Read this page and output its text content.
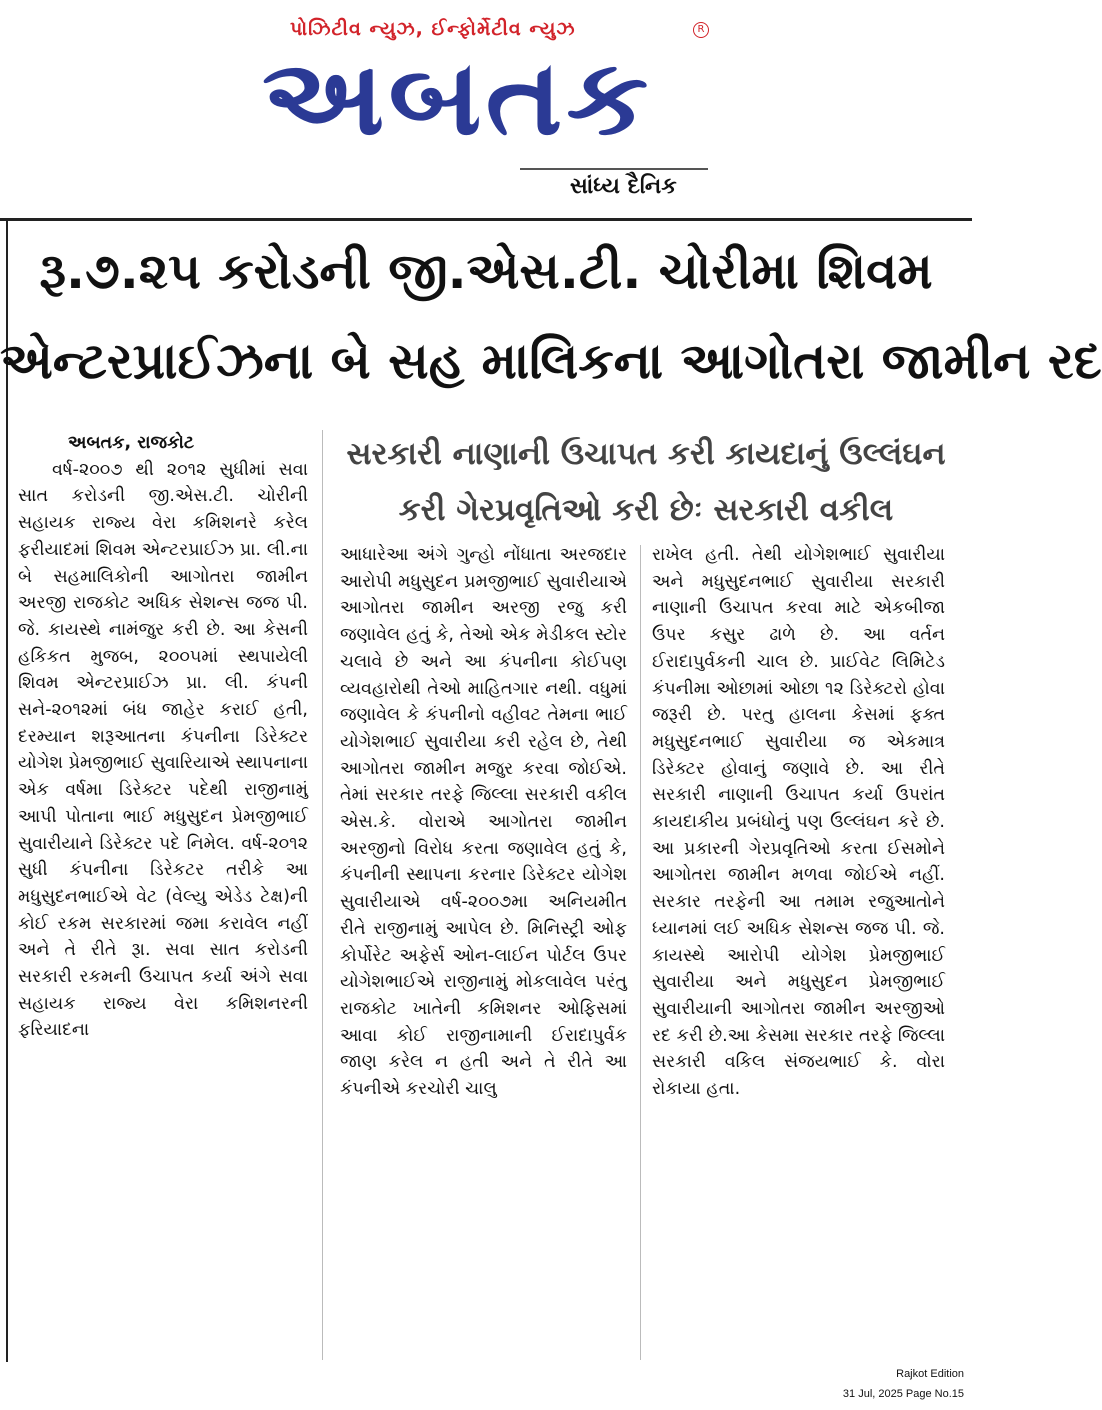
પોઝિટીવ ન્યુઝ, ઈન્ફોર્મેટીવ ન્યુઝ	R
અબતક
સાંધ્ય દૈનિક
રૂ.૭.૨૫ કરોડની જી.એસ.ટી. ચોરીમા શિવમ
એન્ટરપ્રાઈઝના બે સહ માલિકના આગોતરા જામીન રદ
સરકારી નાણાની ઉચાપત કરી કાયદાનું ઉલ્લંઘન
કરી ગેરપ્રવૃતિઓ કરી છેઃ સરકારી વકીલ
અબતક, રાજકોટ

વર્ષ-૨૦૦૭ થી ૨૦૧૨ સુધીમાં સવા સાત કરોડની જી.એસ.ટી. ચોરીની સહાયક રાજ્ય વેરા કમિશનરે કરેલ ફરીયાદમાં શિવમ એન્ટરપ્રાઈઝ પ્રા. લી.ના બે સહમાલિકોની આગોતરા જામીન અરજી રાજકોટ અધિક સેશન્સ જજ પી. જે. કાયસ્થે નામંજુર કરી છે. આ કેસની હકિકત મુજબ, ૨૦૦૫માં સ્થપાયેલી શિવમ એન્ટરપ્રાઈઝ પ્રા. લી. કંપની સને-૨૦૧૨માં બંધ જાહેર કરાઈ હતી, દરમ્યાન શરૂઆતના કંપનીના ડિરેક્ટર યોગેશ પ્રેમજીભાઈ સુવારિયાએ સ્થાપનાના એક વર્ષમા ડિરેક્ટર પદેથી રાજીનામું આપી પોતાના ભાઈ મધુસુદન પ્રેમજીભાઈ સુવારીયાને ડિરેક્ટર પદે નિમેલ. વર્ષ-૨૦૧૨ સુધી કંપનીના ડિરેકટર તરીકે આ મધુસુદનભાઈએ વેટ (વેલ્યુ એડેડ ટેક્ષ)ની કોઈ રકમ સરકારમાં જમા કરાવેલ નહીં અને તે રીતે રૂા. સવા સાત કરોડની સરકારી રકમની ઉચાપત કર્યા અંગે સવા સહાયક રાજ્ય વેરા કમિશનરની ફરિયાદના

આધારેઆ અંગે ગુન્હો નોંધાતા અરજદાર આરોપી મધુસુદન પ્રમજીભાઈ સુવારીયાએ આગોતરા જામીન અરજી રજુ કરી જણાવેલ હતું કે, તેઓ એક મેડીકલ સ્ટોર ચલાવે છે અને આ કંપનીના કોઈપણ વ્યવહારોથી તેઓ માહિતગાર નથી. વધુમાં જણાવેલ કે કંપનીનો વહીવટ તેમના ભાઈ યોગેશભાઈ સુવારીયા કરી રહેલ છે, તેથી આગોતરા જામીન મજુર કરવા જોઈએ. તેમાં સરકાર તરફે જિલ્લા સરકારી વકીલ એસ.કે. વોરાએ આગોતરા જામીન અરજીનો વિરોધ કરતા જણાવેલ હતું કે, કંપનીની સ્થાપના કરનાર ડિરેક્ટર યોગેશ સુવારીયાએ વર્ષ-૨૦૦૭મા અનિયમીત રીતે રાજીનામું આપેલ છે. મિનિસ્ટ્રી ઓફ કોર્પોરેટ અફેર્સ ઓન-લાઈન પોર્ટલ ઉપર યોગેશભાઈએ રાજીનામું મોકલાવેલ પરંતુ રાજકોટ ખાતેની કમિશનર ઓફિસમાં આવા કોઈ રાજીનામાની ઈરાદાપુર્વક જાણ કરેલ ન હતી અને તે રીતે આ કંપનીએ કરચોરી ચાલુ

રાખેલ હતી. તેથી યોગેશભાઈ સુવારીયા અને મધુસુદનભાઈ સુવારીયા સરકારી નાણાની ઉચાપત કરવા માટે એકબીજા ઉપર કસુર ઢાળે છે. આ વર્તન ઈરાદાપુર્વકની ચાલ છે. પ્રાઈવેટ લિમિટેડ કંપનીમા ઓછામાં ઓછા ૧૨ ડિરેક્ટરો હોવા જરૂરી છે. પરતુ હાલના કેસમાં ફક્ત મધુસુદનભાઈ સુવારીયા જ એકમાત્ર ડિરેક્ટર હોવાનું જણાવે છે. આ રીતે સરકારી નાણાની ઉચાપત કર્યા ઉપરાંત કાયદાકીય પ્રબંધોનું પણ ઉલ્લંઘન કરે છે. આ પ્રકારની ગેરપ્રવૃતિઓ કરતા ઈસમોને આગોતરા જામીન મળવા જોઈએ નહીં. સરકાર તરફેની આ તમામ રજુઆતોને ધ્યાનમાં લઈ અધિક સેશન્સ જજ પી. જે. કાયસ્થે આરોપી યોગેશ પ્રેમજીભાઈ સુવારીયા અને મધુસુદન પ્રેમજીભાઈ સુવારીયાની આગોતરા જામીન અરજીઓ રદ કરી છે.આ કેસમા સરકાર તરફે જિલ્લા સરકારી વકિલ સંજયભાઈ કે. વોરા રોકાયા હતા.

Rajkot Edition
31 Jul, 2025 Page No.15
